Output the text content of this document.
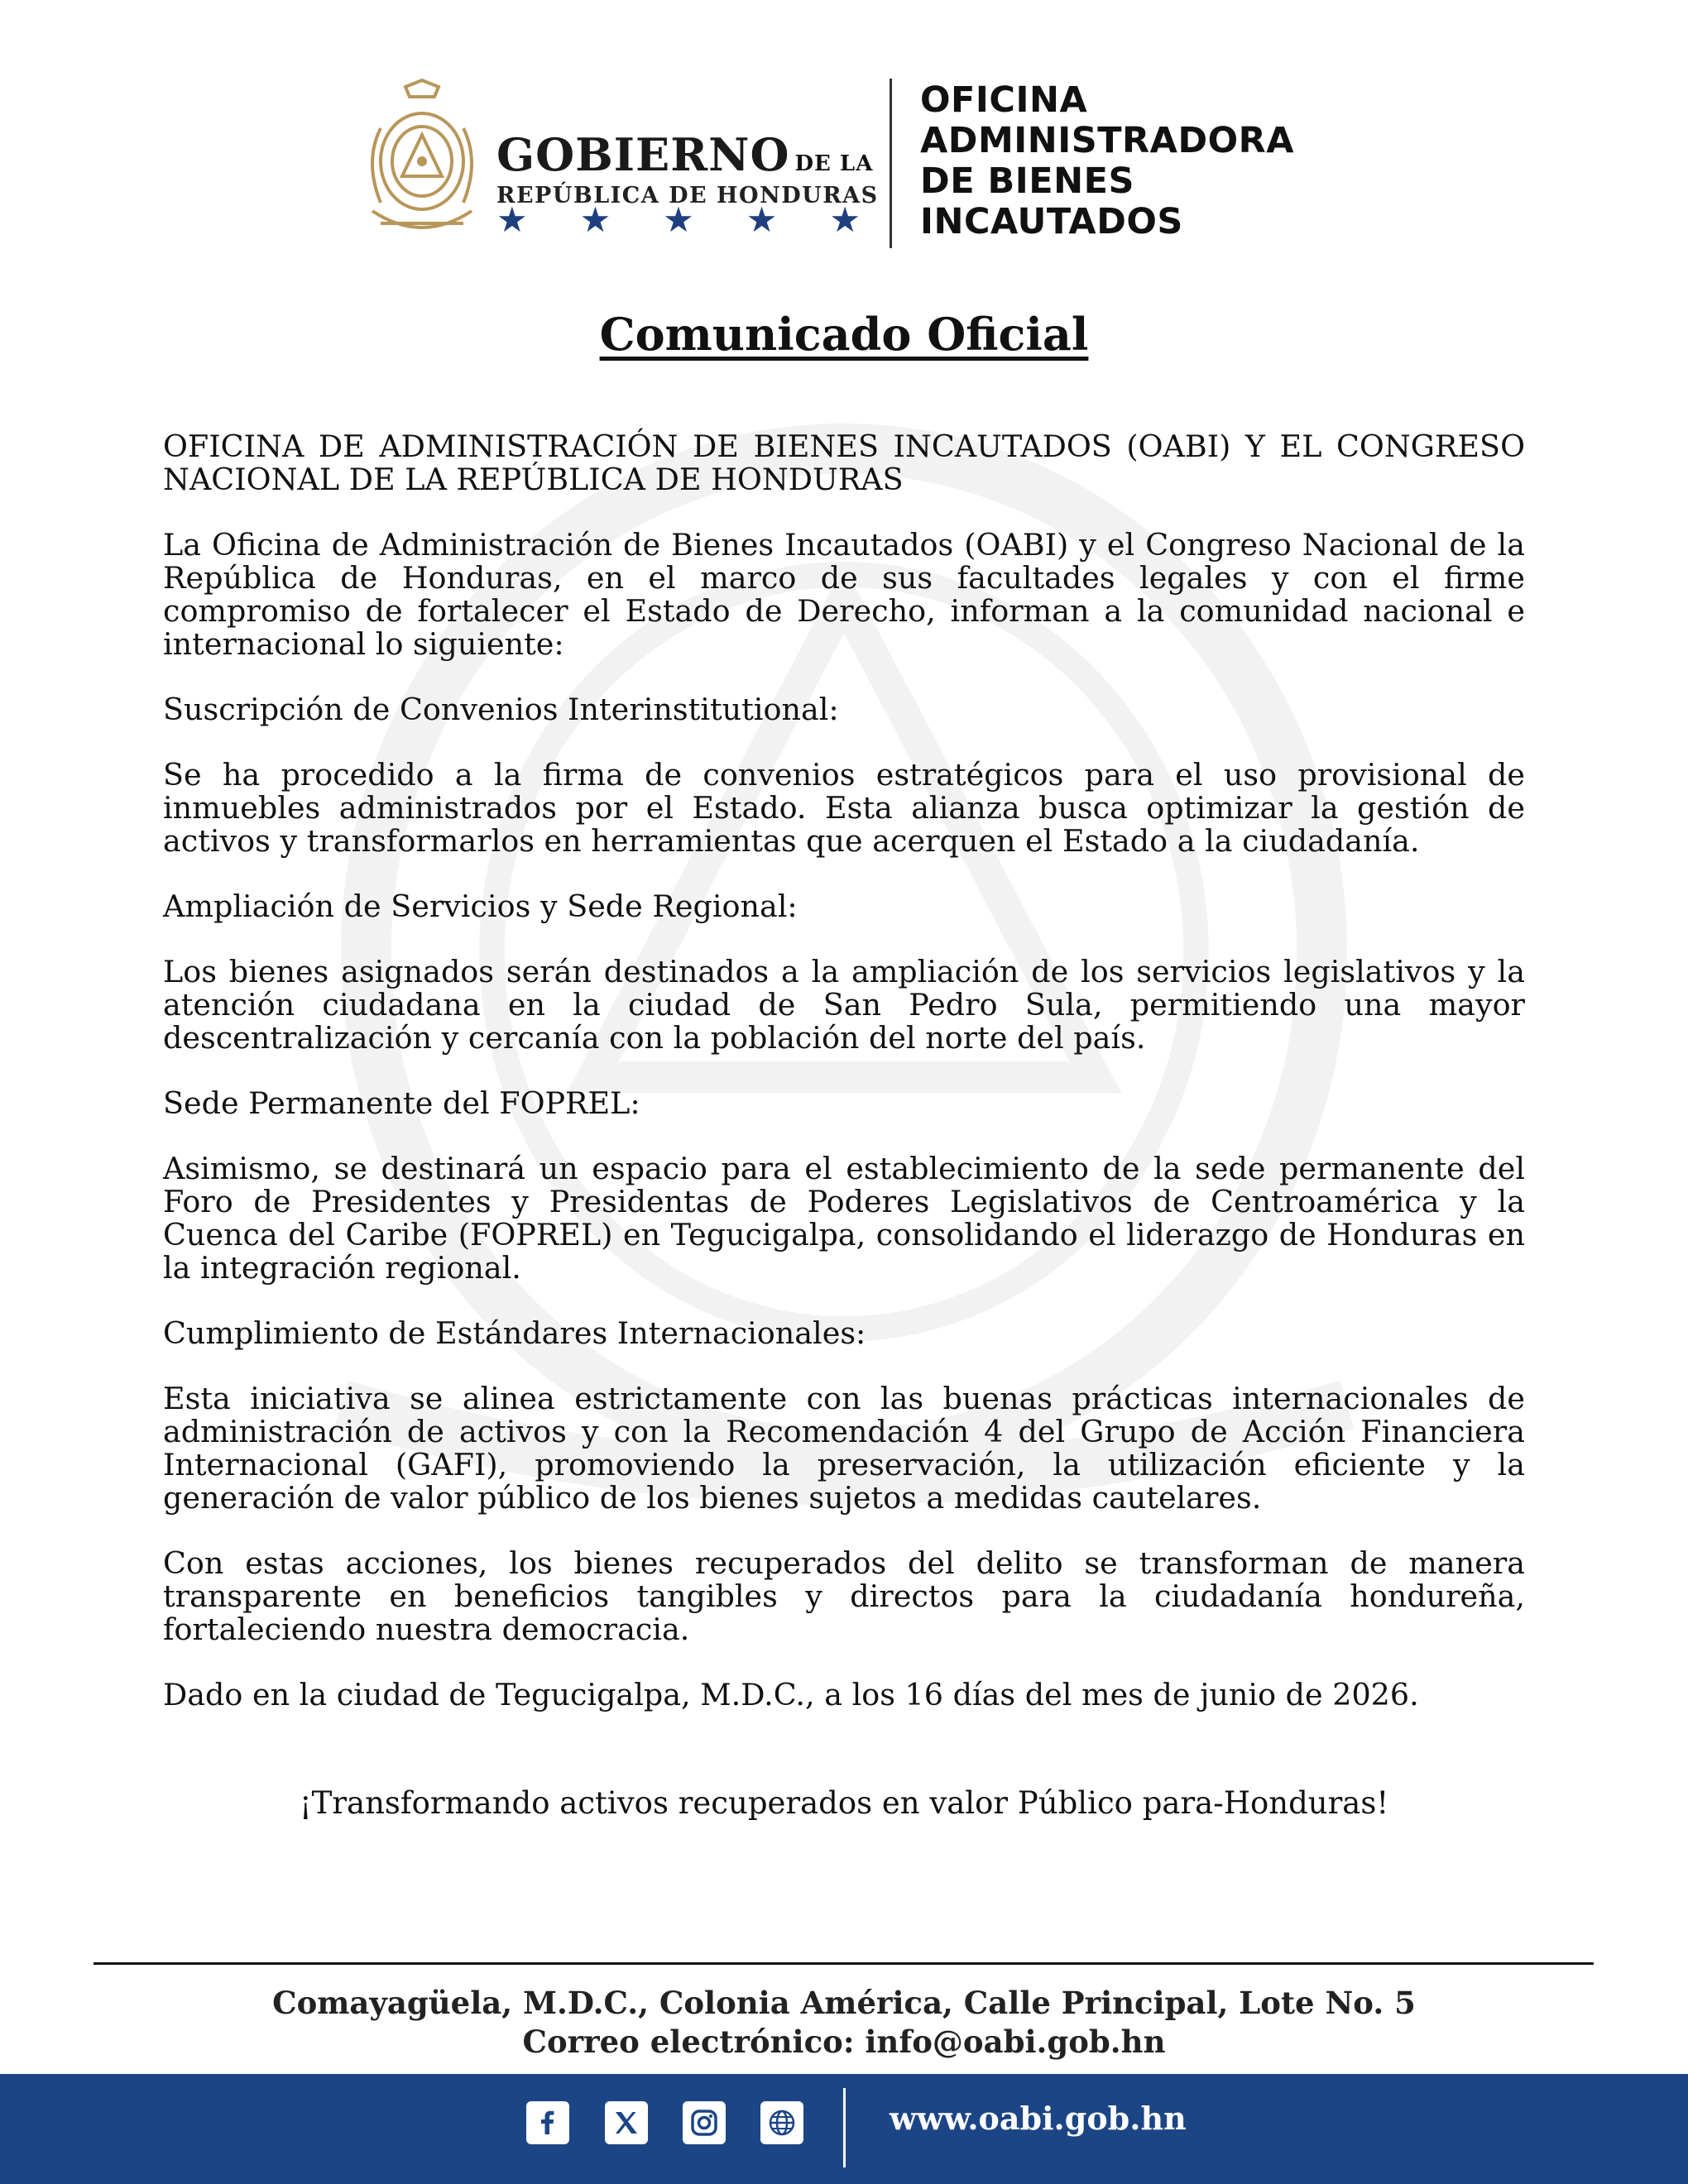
GOBIERNO DE LA
REPÚBLICA DE HONDURAS
★ ★ ★ ★ ★
OFICINA
ADMINISTRADORA
DE BIENES
INCAUTADOS
Comunicado Oficial

OFICINA DE ADMINISTRACIÓN DE BIENES INCAUTADOS (OABI) Y EL CONGRESO NACIONAL DE LA REPÚBLICA DE HONDURAS

La Oficina de Administración de Bienes Incautados (OABI) y el Congreso Nacional de la República de Honduras, en el marco de sus facultades legales y con el firme compromiso de fortalecer el Estado de Derecho, informan a la comunidad nacional e internacional lo siguiente:

Suscripción de Convenios Interinstitutional:

Se ha procedido a la firma de convenios estratégicos para el uso provisional de inmuebles administrados por el Estado. Esta alianza busca optimizar la gestión de activos y transformarlos en herramientas que acerquen el Estado a la ciudadanía.

Ampliación de Servicios y Sede Regional:

Los bienes asignados serán destinados a la ampliación de los servicios legislativos y la atención ciudadana en la ciudad de San Pedro Sula, permitiendo una mayor descentralización y cercanía con la población del norte del país.

Sede Permanente del FOPREL:

Asimismo, se destinará un espacio para el establecimiento de la sede permanente del Foro de Presidentes y Presidentas de Poderes Legislativos de Centroamérica y la Cuenca del Caribe (FOPREL) en Tegucigalpa, consolidando el liderazgo de Honduras en la integración regional.

Cumplimiento de Estándares Internacionales:

Esta iniciativa se alinea estrictamente con las buenas prácticas internacionales de administración de activos y con la Recomendación 4 del Grupo de Acción Financiera Internacional (GAFI), promoviendo la preservación, la utilización eficiente y la generación de valor público de los bienes sujetos a medidas cautelares.

Con estas acciones, los bienes recuperados del delito se transforman de manera transparente en beneficios tangibles y directos para la ciudadanía hondureña, fortaleciendo nuestra democracia.

Dado en la ciudad de Tegucigalpa, M.D.C., a los 16 días del mes de junio de 2026.

¡Transformando activos recuperados en valor Público para-Honduras!
Comayagüela, M.D.C., Colonia América, Calle Principal, Lote No. 5
Correo electrónico: info@oabi.gob.hn
www.oabi.gob.hn
